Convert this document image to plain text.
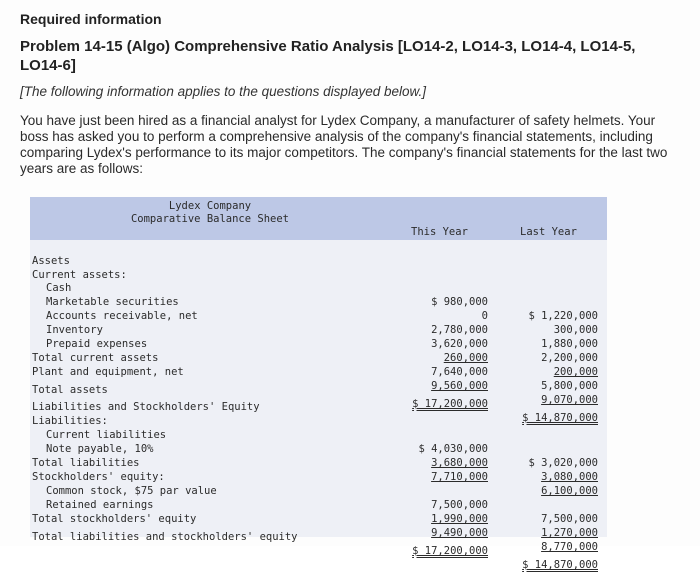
Required information
Problem 14-15 (Algo) Comprehensive Ratio Analysis [LO14-2, LO14-3, LO14-4, LO14-5, LO14-6]
[The following information applies to the questions displayed below.]
You have just been hired as a financial analyst for Lydex Company, a manufacturer of safety helmets. Your boss has asked you to perform a comprehensive analysis of the company's financial statements, including comparing Lydex's performance to its major competitors. The company's financial statements for the last two years are as follows:
Lydex Company
Comparative Balance Sheet
This Year	Last Year

Assets

Current assets:

Cash

$ 980,000

$ 1,220,000

Marketable securities

0

300,000

Accounts receivable, net

2,780,000

1,880,000

Inventory

3,620,000

2,200,000

Prepaid expenses

260,000

200,000

Total current assets

7,640,000

5,800,000

Plant and equipment, net

9,560,000

9,070,000

Total assets

$ 17,200,000

$ 14,870,000

Liabilities and Stockholders' Equity

Liabilities:

Current liabilities

$ 4,030,000

$ 3,020,000

Note payable, 10%

3,680,000

3,080,000

Total liabilities

7,710,000

6,100,000

Stockholders' equity:

Common stock, $75 par value

7,500,000

7,500,000

Retained earnings

1,990,000

1,270,000

Total stockholders' equity

9,490,000

8,770,000

Total liabilities and stockholders' equity

$ 17,200,000

$ 14,870,000
